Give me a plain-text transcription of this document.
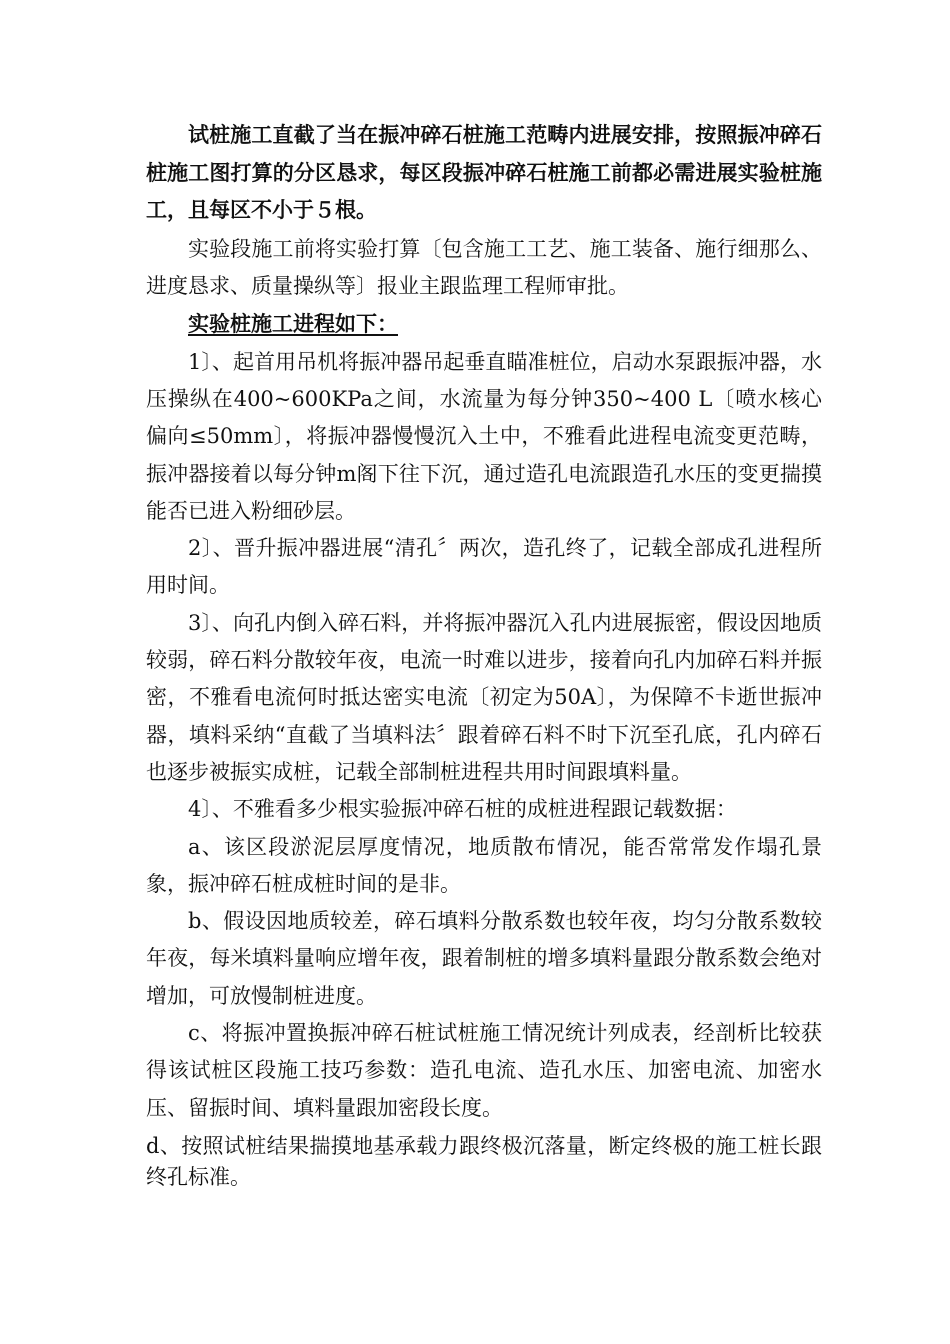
试桩施工直截了当在振冲碎石桩施工范畴内进展安排，按照振冲碎石桩施工图打算的分区恳求，每区段振冲碎石桩施工前都必需进展实验桩施工，且每区不小于５根。

实验段施工前将实验打算〔包含施工工艺、施工装备、施行细那么、进度恳求、质量操纵等〕报业主跟监理工程师审批。

实验桩施工进程如下：

1〕、起首用吊机将振冲器吊起垂直瞄准桩位，启动水泵跟振冲器，水压操纵在400~600KPa之间，水流量为每分钟350~400 L〔喷水核心偏向≤50mm〕，将振冲器慢慢沉入土中，不雅看此进程电流变更范畴，振冲器接着以每分钟m阁下往下沉，通过造孔电流跟造孔水压的变更揣摸能否已进入粉细砂层。

2〕、晋升振冲器进展“清孔〞两次，造孔终了，记载全部成孔进程所用时间。

3〕、向孔内倒入碎石料，并将振冲器沉入孔内进展振密，假设因地质较弱，碎石料分散较年夜，电流一时难以进步，接着向孔内加碎石料并振密，不雅看电流何时抵达密实电流〔初定为50A〕，为保障不卡逝世振冲器，填料采纳“直截了当填料法〞跟着碎石料不时下沉至孔底，孔内碎石也逐步被振实成桩，记载全部制桩进程共用时间跟填料量。

4〕、不雅看多少根实验振冲碎石桩的成桩进程跟记载数据：

a、该区段淤泥层厚度情况，地质散布情况，能否常常发作塌孔景象，振冲碎石桩成桩时间的是非。

b、假设因地质较差，碎石填料分散系数也较年夜，均匀分散系数较年夜，每米填料量响应增年夜，跟着制桩的增多填料量跟分散系数会绝对增加，可放慢制桩进度。

c、将振冲置换振冲碎石桩试桩施工情况统计列成表，经剖析比较获得该试桩区段施工技巧参数：造孔电流、造孔水压、加密电流、加密水压、留振时间、填料量跟加密段长度。

d、按照试桩结果揣摸地基承载力跟终极沉落量，断定终极的施工桩长跟终孔标准。
